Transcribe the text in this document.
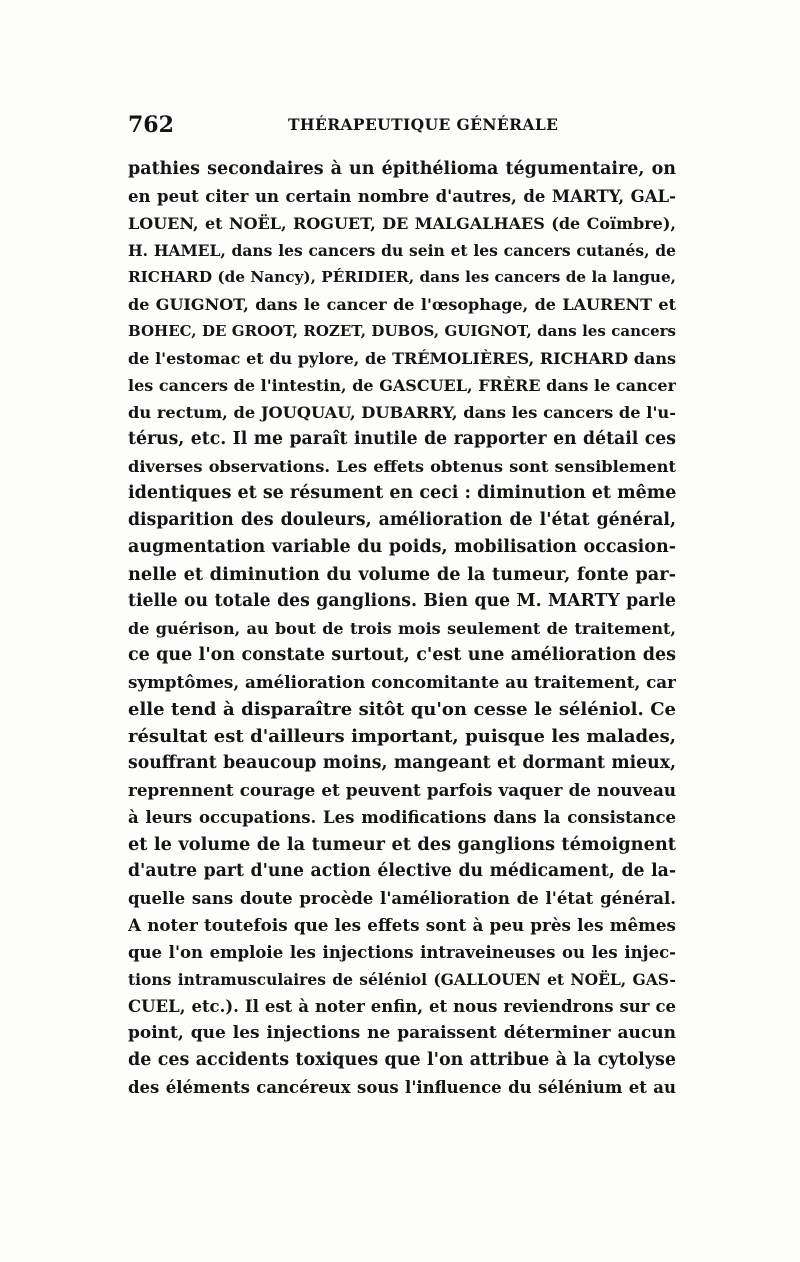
762	THÉRAPEUTIQUE GÉNÉRALE
pathies secondaires à un épithélioma tégumentaire, on
en peut citer un certain nombre d'autres, de MARTY, GAL-
LOUEN, et NOËL, ROGUET, DE MALGALHAES (de Coïmbre),
H. HAMEL, dans les cancers du sein et les cancers cutanés, de
RICHARD (de Nancy), PÉRIDIER, dans les cancers de la langue,
de GUIGNOT, dans le cancer de l'œsophage, de LAURENT et
BOHEC, DE GROOT, ROZET, DUBOS, GUIGNOT, dans les cancers
de l'estomac et du pylore, de TRÉMOLIÈRES, RICHARD dans
les cancers de l'intestin, de GASCUEL, FRÈRE dans le cancer
du rectum, de JOUQUAU, DUBARRY, dans les cancers de l'u-
térus, etc. Il me paraît inutile de rapporter en détail ces
diverses observations. Les effets obtenus sont sensiblement
identiques et se résument en ceci : diminution et même
disparition des douleurs, amélioration de l'état général,
augmentation variable du poids, mobilisation occasion-
nelle et diminution du volume de la tumeur, fonte par-
tielle ou totale des ganglions. Bien que M. MARTY parle
de guérison, au bout de trois mois seulement de traitement,
ce que l'on constate surtout, c'est une amélioration des
symptômes, amélioration concomitante au traitement, car
elle tend à disparaître sitôt qu'on cesse le séléniol. Ce
résultat est d'ailleurs important, puisque les malades,
souffrant beaucoup moins, mangeant et dormant mieux,
reprennent courage et peuvent parfois vaquer de nouveau
à leurs occupations. Les modifications dans la consistance
et le volume de la tumeur et des ganglions témoignent
d'autre part d'une action élective du médicament, de la-
quelle sans doute procède l'amélioration de l'état général.
A noter toutefois que les effets sont à peu près les mêmes
que l'on emploie les injections intraveineuses ou les injec-
tions intramusculaires de séléniol (GALLOUEN et NOËL, GAS-
CUEL, etc.). Il est à noter enfin, et nous reviendrons sur ce
point, que les injections ne paraissent déterminer aucun
de ces accidents toxiques que l'on attribue à la cytolyse
des éléments cancéreux sous l'influence du sélénium et au
